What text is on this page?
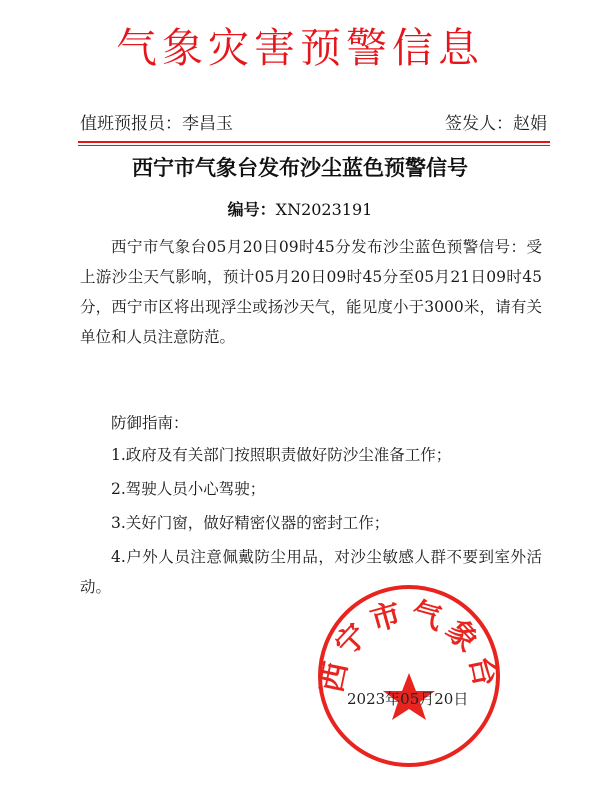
气象灾害预警信息
值班预报员：李昌玉	签发人：赵娟
西宁市气象台发布沙尘蓝色预警信号
编号：XN2023191

西宁市气象台05月20日09时45分发布沙尘蓝色预警信号：受上游沙尘天气影响，预计05月20日09时45分至05月21日09时45分，西宁市区将出现浮尘或扬沙天气，能见度小于3000米，请有关单位和人员注意防范。

防御指南：
1.政府及有关部门按照职责做好防沙尘准备工作；
2.驾驶人员小心驾驶；
3.关好门窗，做好精密仪器的密封工作；
4.户外人员注意佩戴防尘用品，对沙尘敏感人群不要到室外活动。
西宁市气象台
2023年05月20日
